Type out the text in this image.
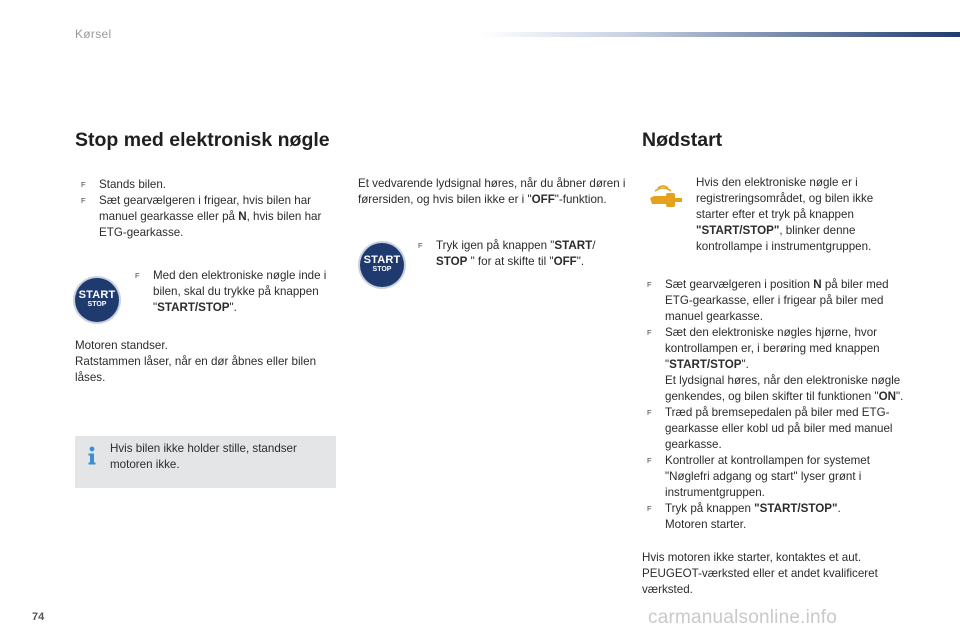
Kørsel
Stop med elektronisk nøgle
F Stands bilen.
F Sæt gearvælgeren i frigear, hvis bilen har manuel gearkasse eller på N, hvis bilen har ETG-gearkasse.
START
STOP
F Med den elektroniske nøgle inde i bilen, skal du trykke på knappen "START/STOP".
Motoren standser.
Ratstammen låser, når en dør åbnes eller bilen låses.
Hvis bilen ikke holder stille, standser motoren ikke.
Et vedvarende lydsignal høres, når du åbner døren i førersiden, og hvis bilen ikke er i "OFF"-funktion.
START
STOP
F Tryk igen på knappen "START/ STOP " for at skifte til "OFF".
Nødstart
Hvis den elektroniske nøgle er i registreringsområdet, og bilen ikke starter efter et tryk på knappen "START/STOP", blinker denne kontrollampe i instrumentgruppen.
F Sæt gearvælgeren i position N på biler med ETG-gearkasse, eller i frigear på biler med manuel gearkasse.
F Sæt den elektroniske nøgles hjørne, hvor kontrollampen er, i berøring med knappen "START/STOP".
Et lydsignal høres, når den elektroniske nøgle genkendes, og bilen skifter til funktionen "ON".
F Træd på bremsepedalen på biler med ETG-gearkasse eller kobl ud på biler med manuel gearkasse.
F Kontroller at kontrollampen for systemet "Nøglefri adgang og start" lyser grønt i instrumentgruppen.
F Tryk på knappen "START/STOP".
Motoren starter.
Hvis motoren ikke starter, kontaktes et aut. PEUGEOT-værksted eller et andet kvalificeret værksted.
74	carmanualsonline.info
